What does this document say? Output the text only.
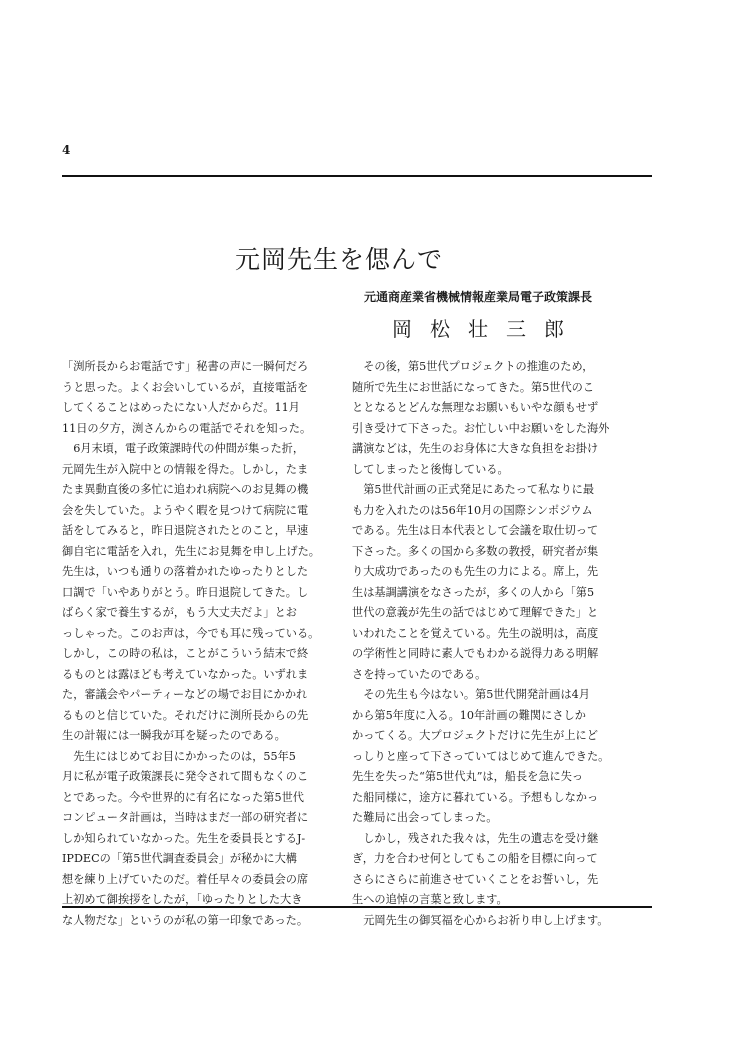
4
元岡先生を偲んで
元通商産業省機械情報産業局電子政策課長
岡松壮三郎
「渕所長からお電話です」秘書の声に一瞬何だろ
うと思った。よくお会いしているが，直接電話を
してくることはめったにない人だからだ。11月
11日の夕方，渕さんからの電話でそれを知った。
　6月末頃，電子政策課時代の仲間が集った折，
元岡先生が入院中との情報を得た。しかし，たま
たま異動直後の多忙に追われ病院へのお見舞の機
会を失していた。ようやく暇を見つけて病院に電
話をしてみると，昨日退院されたとのこと，早速
御自宅に電話を入れ，先生にお見舞を申し上げた。
先生は，いつも通りの落着かれたゆったりとした
口調で「いやありがとう。昨日退院してきた。し
ばらく家で養生するが，もう大丈夫だよ」とお
っしゃった。このお声は，今でも耳に残っている。
しかし，この時の私は，ことがこういう結末で終
るものとは露ほども考えていなかった。いずれま
た，審議会やパーティーなどの場でお目にかかれ
るものと信じていた。それだけに渕所長からの先
生の計報には一瞬我が耳を疑ったのである。
　先生にはじめてお目にかかったのは，55年5
月に私が電子政策課長に発令されて間もなくのこ
とであった。今や世界的に有名になった第5世代
コンピュータ計画は，当時はまだ一部の研究者に
しか知られていなかった。先生を委員長とするJ-
IPDECの「第5世代調査委員会」が秘かに大構
想を練り上げていたのだ。着任早々の委員会の席
上初めて御挨拶をしたが，「ゆったりとした大き
な人物だな」というのが私の第一印象であった。
　その後，第5世代プロジェクトの推進のため，
随所で先生にお世話になってきた。第5世代のこ
ととなるとどんな無理なお願いもいやな顔もせず
引き受けて下さった。お忙しい中お願いをした海外
講演などは，先生のお身体に大きな負担をお掛け
してしまったと後悔している。
　第5世代計画の正式発足にあたって私なりに最
も力を入れたのは56年10月の国際シンポジウム
である。先生は日本代表として会議を取仕切って
下さった。多くの国から多数の教授，研究者が集
り大成功であったのも先生の力による。席上，先
生は基調講演をなさったが，多くの人から「第5
世代の意義が先生の話ではじめて理解できた」と
いわれたことを覚えている。先生の説明は，高度
の学術性と同時に素人でもわかる説得力ある明解
さを持っていたのである。
　その先生も今はない。第5世代開発計画は4月
から第5年度に入る。10年計画の難関にさしか
かってくる。大プロジェクトだけに先生が上にど
っしりと座って下さっていてはじめて進んできた。
先生を失った“第5世代丸”は，船長を急に失っ
た船同様に，途方に暮れている。予想もしなかっ
た難局に出会ってしまった。
　しかし，残された我々は，先生の遺志を受け継
ぎ，力を合わせ何としてもこの船を目標に向って
さらにさらに前進させていくことをお誓いし，先
生への追悼の言葉と致します。
　元岡先生の御冥福を心からお祈り申し上げます。
